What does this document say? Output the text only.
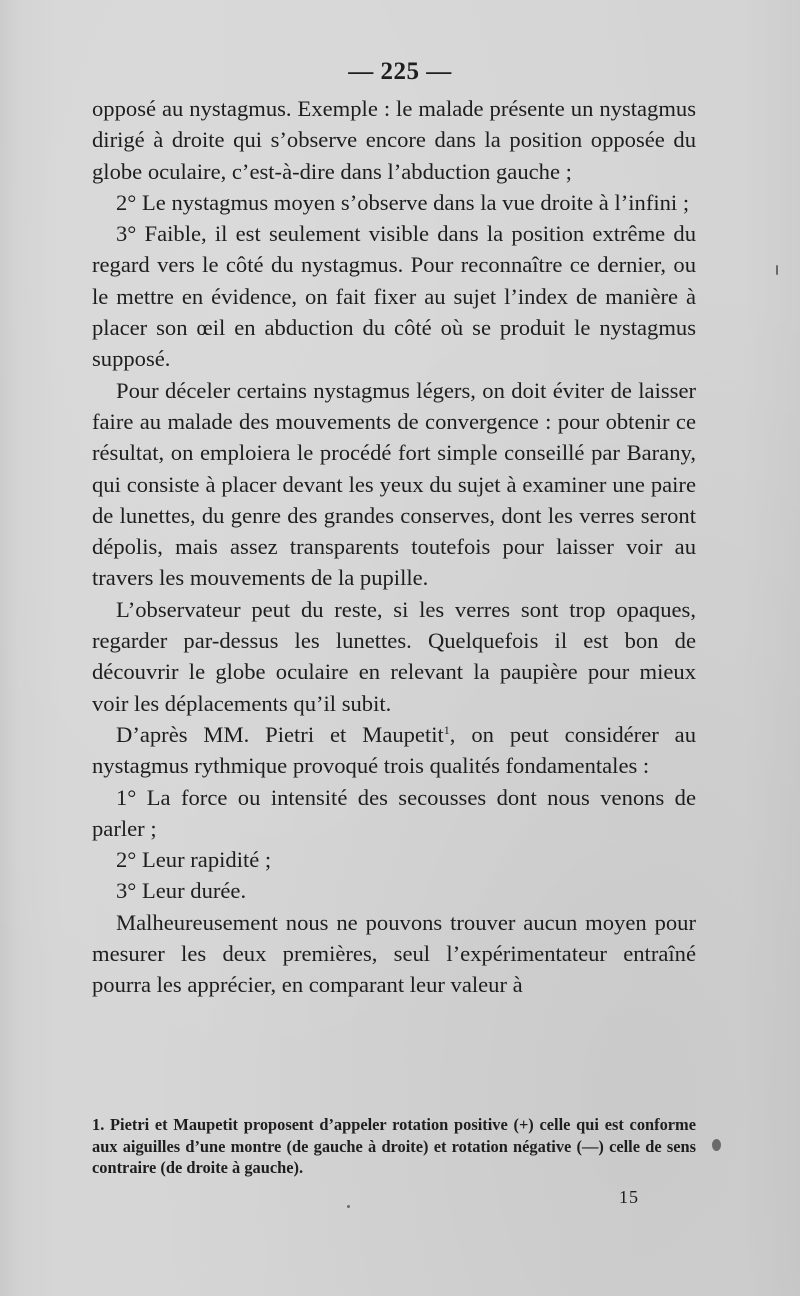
— 225 —

opposé au nystagmus. Exemple : le malade présente un nystagmus dirigé à droite qui s’observe encore dans la position opposée du globe oculaire, c’est-à-dire dans l’abduction gauche ;

2° Le nystagmus moyen s’observe dans la vue droite à l’infini ;

3° Faible, il est seulement visible dans la position extrême du regard vers le côté du nystagmus. Pour reconnaître ce dernier, ou le mettre en évidence, on fait fixer au sujet l’index de manière à placer son œil en abduction du côté où se produit le nystagmus supposé.

Pour déceler certains nystagmus légers, on doit éviter de laisser faire au malade des mouvements de convergence : pour obtenir ce résultat, on emploiera le procédé fort simple conseillé par Barany, qui consiste à placer devant les yeux du sujet à examiner une paire de lunettes, du genre des grandes conserves, dont les verres seront dépolis, mais assez transparents toutefois pour laisser voir au travers les mouvements de la pupille.

L’observateur peut du reste, si les verres sont trop opaques, regarder par-dessus les lunettes. Quelquefois il est bon de découvrir le globe oculaire en relevant la paupière pour mieux voir les déplacements qu’il subit.

D’après MM. Pietri et Maupetit$^1$, on peut considérer au nystagmus rythmique provoqué trois qualités fondamentales :

1° La force ou intensité des secousses dont nous venons de parler ;

2° Leur rapidité ;

3° Leur durée.

Malheureusement nous ne pouvons trouver aucun moyen pour mesurer les deux premières, seul l’expérimentateur entraîné pourra les apprécier, en comparant leur valeur à

1. Pietri et Maupetit proposent d’appeler rotation positive (+) celle qui est conforme aux aiguilles d’une montre (de gauche à droite) et rotation négative (—) celle de sens contraire (de droite à gauche).

15
